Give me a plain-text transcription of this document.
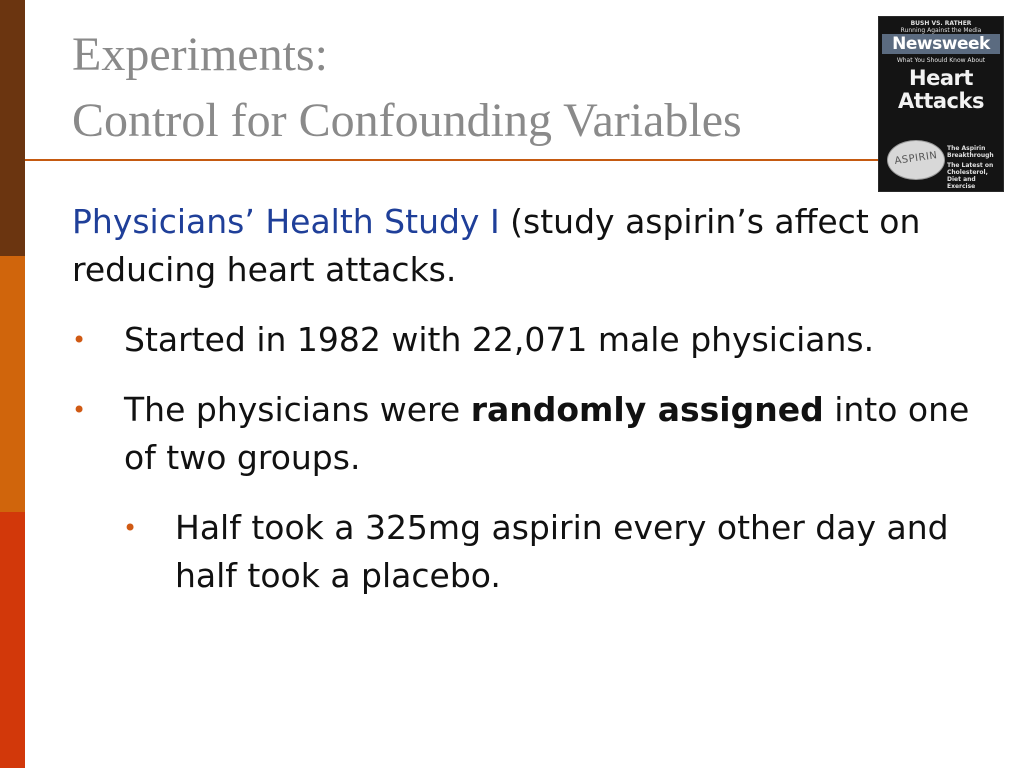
Experiments:
Control for Confounding Variables
BUSH VS. RATHER
Running Against the Media
Newsweek
What You Should Know About
Heart
Attacks
ASPIRIN
The Aspirin Breakthrough
The Latest on Cholesterol, Diet and Exercise

Physicians’ Health Study I (study aspirin’s affect on reducing heart attacks.

• Started in 1982 with 22,071 male physicians.
• The physicians were randomly assigned into one of two groups.
• Half took a 325mg aspirin every other day and half took a placebo.
